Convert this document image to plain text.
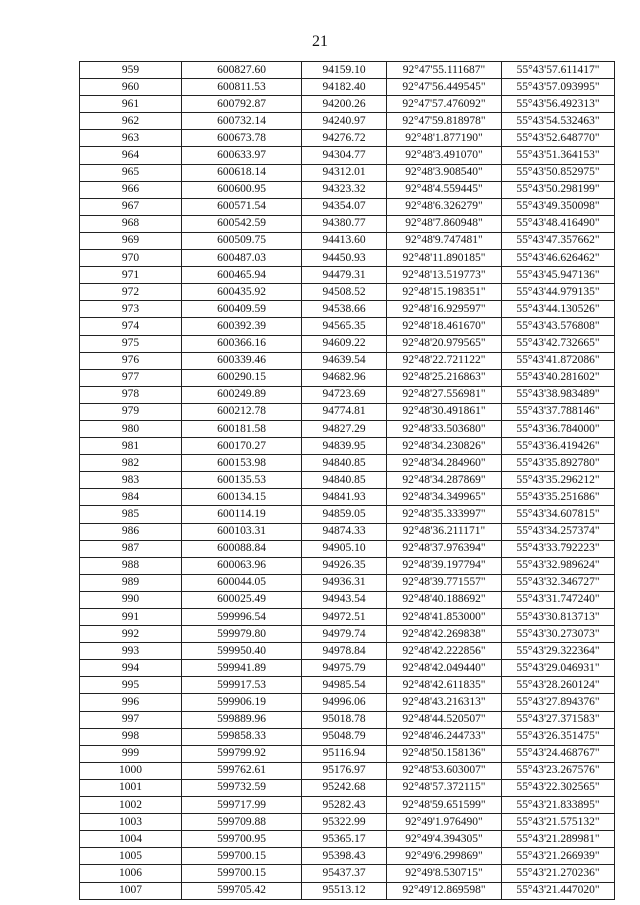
21
959	600827.60	94159.10	92°47'55.111687"	55°43'57.611417"
960	600811.53	94182.40	92°47'56.449545"	55°43'57.093995"
961	600792.87	94200.26	92°47'57.476092"	55°43'56.492313"
962	600732.14	94240.97	92°47'59.818978"	55°43'54.532463"
963	600673.78	94276.72	92°48'1.877190"	55°43'52.648770"
964	600633.97	94304.77	92°48'3.491070"	55°43'51.364153"
965	600618.14	94312.01	92°48'3.908540"	55°43'50.852975"
966	600600.95	94323.32	92°48'4.559445"	55°43'50.298199"
967	600571.54	94354.07	92°48'6.326279"	55°43'49.350098"
968	600542.59	94380.77	92°48'7.860948"	55°43'48.416490"
969	600509.75	94413.60	92°48'9.747481"	55°43'47.357662"
970	600487.03	94450.93	92°48'11.890185"	55°43'46.626462"
971	600465.94	94479.31	92°48'13.519773"	55°43'45.947136"
972	600435.92	94508.52	92°48'15.198351"	55°43'44.979135"
973	600409.59	94538.66	92°48'16.929597"	55°43'44.130526"
974	600392.39	94565.35	92°48'18.461670"	55°43'43.576808"
975	600366.16	94609.22	92°48'20.979565"	55°43'42.732665"
976	600339.46	94639.54	92°48'22.721122"	55°43'41.872086"
977	600290.15	94682.96	92°48'25.216863"	55°43'40.281602"
978	600249.89	94723.69	92°48'27.556981"	55°43'38.983489"
979	600212.78	94774.81	92°48'30.491861"	55°43'37.788146"
980	600181.58	94827.29	92°48'33.503680"	55°43'36.784000"
981	600170.27	94839.95	92°48'34.230826"	55°43'36.419426"
982	600153.98	94840.85	92°48'34.284960"	55°43'35.892780"
983	600135.53	94840.85	92°48'34.287869"	55°43'35.296212"
984	600134.15	94841.93	92°48'34.349965"	55°43'35.251686"
985	600114.19	94859.05	92°48'35.333997"	55°43'34.607815"
986	600103.31	94874.33	92°48'36.211171"	55°43'34.257374"
987	600088.84	94905.10	92°48'37.976394"	55°43'33.792223"
988	600063.96	94926.35	92°48'39.197794"	55°43'32.989624"
989	600044.05	94936.31	92°48'39.771557"	55°43'32.346727"
990	600025.49	94943.54	92°48'40.188692"	55°43'31.747240"
991	599996.54	94972.51	92°48'41.853000"	55°43'30.813713"
992	599979.80	94979.74	92°48'42.269838"	55°43'30.273073"
993	599950.40	94978.84	92°48'42.222856"	55°43'29.322364"
994	599941.89	94975.79	92°48'42.049440"	55°43'29.046931"
995	599917.53	94985.54	92°48'42.611835"	55°43'28.260124"
996	599906.19	94996.06	92°48'43.216313"	55°43'27.894376"
997	599889.96	95018.78	92°48'44.520507"	55°43'27.371583"
998	599858.33	95048.79	92°48'46.244733"	55°43'26.351475"
999	599799.92	95116.94	92°48'50.158136"	55°43'24.468767"
1000	599762.61	95176.97	92°48'53.603007"	55°43'23.267576"
1001	599732.59	95242.68	92°48'57.372115"	55°43'22.302565"
1002	599717.99	95282.43	92°48'59.651599"	55°43'21.833895"
1003	599709.88	95322.99	92°49'1.976490"	55°43'21.575132"
1004	599700.95	95365.17	92°49'4.394305"	55°43'21.289981"
1005	599700.15	95398.43	92°49'6.299869"	55°43'21.266939"
1006	599700.15	95437.37	92°49'8.530715"	55°43'21.270236"
1007	599705.42	95513.12	92°49'12.869598"	55°43'21.447020"
